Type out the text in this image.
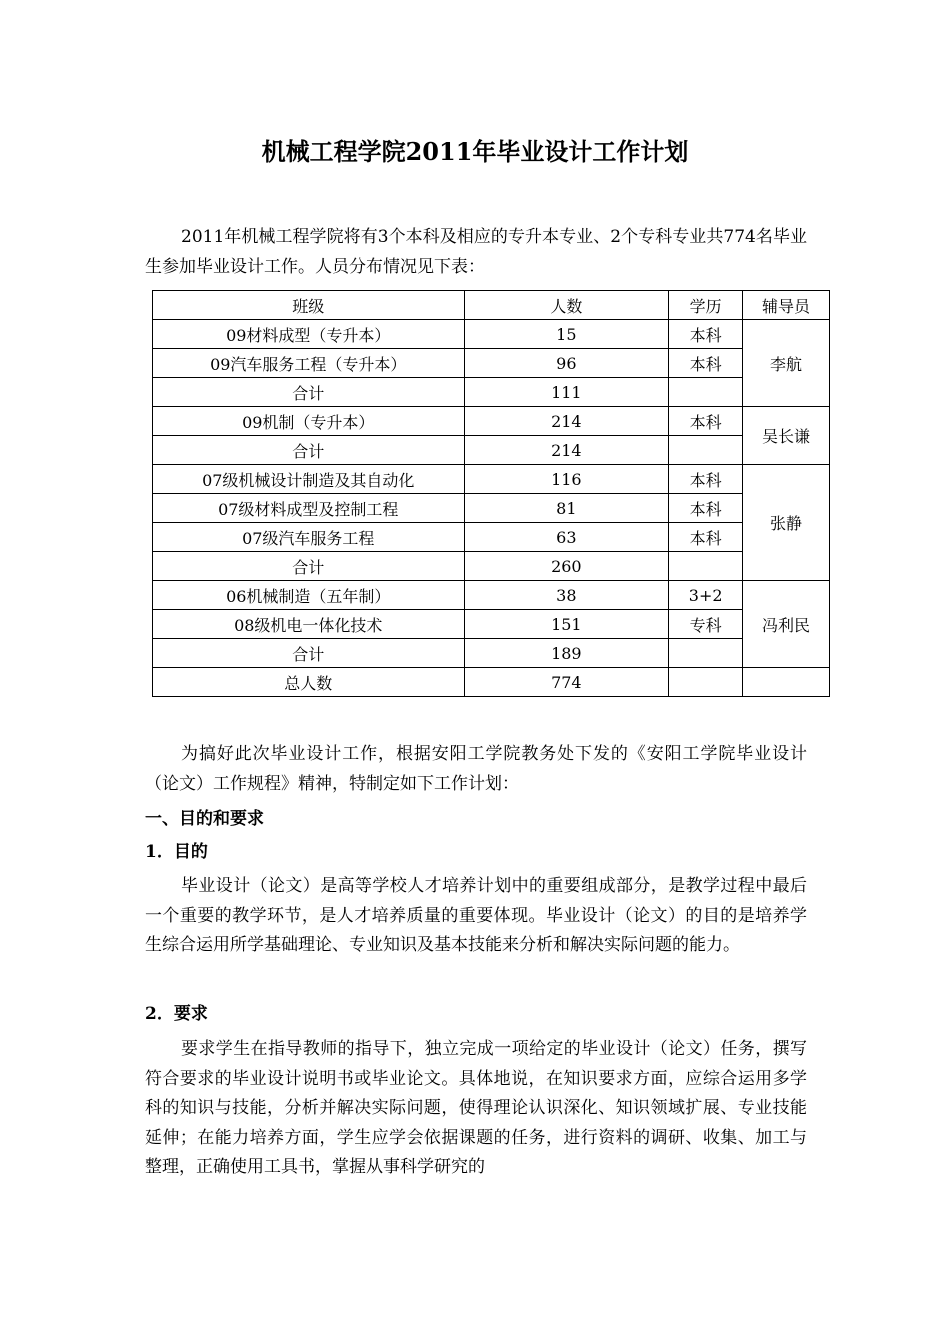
机械工程学院2011年毕业设计工作计划

2011年机械工程学院将有3个本科及相应的专升本专业、2个专科专业共774名毕业生参加毕业设计工作。人员分布情况见下表：

班级	人数	学历	辅导员
09材料成型（专升本）	15	本科	李航
09汽车服务工程（专升本）	96	本科	
合计	111		
09机制（专升本）	214	本科	吴长谦
合计	214		
07级机械设计制造及其自动化	116	本科	张静
07级材料成型及控制工程	81	本科	
07级汽车服务工程	63	本科	
合计	260		
06机械制造（五年制）	38	3+2	冯利民
08级机电一体化技术	151	专科	
合计	189		
总人数	774		

为搞好此次毕业设计工作，根据安阳工学院教务处下发的《安阳工学院毕业设计（论文）工作规程》精神，特制定如下工作计划：

一、目的和要求
1．目的

毕业设计（论文）是高等学校人才培养计划中的重要组成部分，是教学过程中最后一个重要的教学环节，是人才培养质量的重要体现。毕业设计（论文）的目的是培养学生综合运用所学基础理论、专业知识及基本技能来分析和解决实际问题的能力。

2．要求

要求学生在指导教师的指导下，独立完成一项给定的毕业设计（论文）任务，撰写符合要求的毕业设计说明书或毕业论文。具体地说，在知识要求方面，应综合运用多学科的知识与技能，分析并解决实际问题，使得理论认识深化、知识领域扩展、专业技能延伸；在能力培养方面，学生应学会依据课题的任务，进行资料的调研、收集、加工与整理，正确使用工具书，掌握从事科学研究的
